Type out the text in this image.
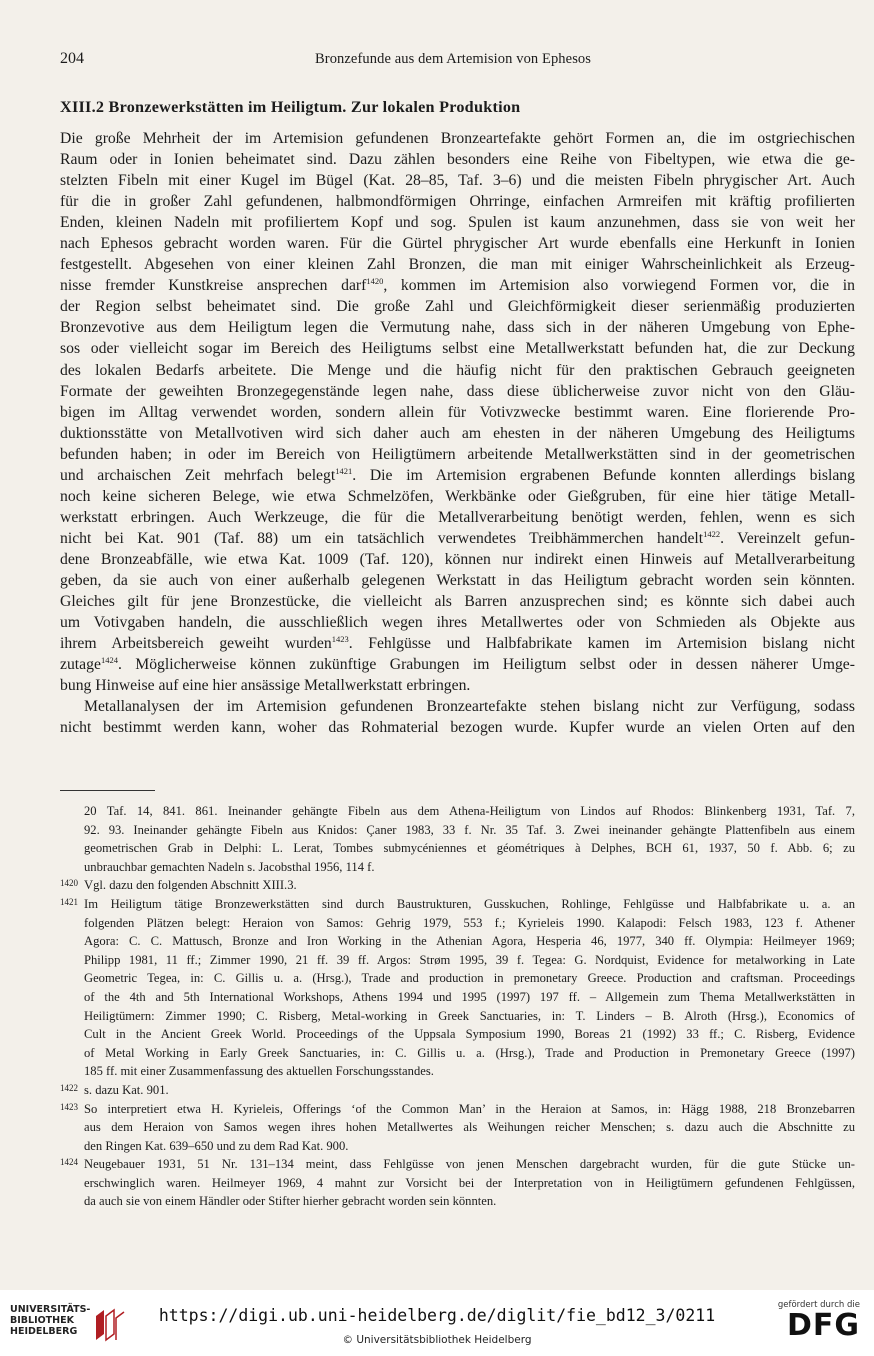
204	Bronzefunde aus dem Artemision von Ephesos
XIII.2 Bronzewerkstätten im Heiligtum. Zur lokalen Produktion
Die große Mehrheit der im Artemision gefundenen Bronzeartefakte gehört Formen an, die im ostgriechischen
Raum oder in Ionien beheimatet sind. Dazu zählen besonders eine Reihe von Fibeltypen, wie etwa die ge-
stelzten Fibeln mit einer Kugel im Bügel (Kat. 28–85, Taf. 3–6) und die meisten Fibeln phrygischer Art. Auch
für die in großer Zahl gefundenen, halbmondförmigen Ohrringe, einfachen Armreifen mit kräftig profilierten
Enden, kleinen Nadeln mit profiliertem Kopf und sog. Spulen ist kaum anzunehmen, dass sie von weit her
nach Ephesos gebracht worden waren. Für die Gürtel phrygischer Art wurde ebenfalls eine Herkunft in Ionien
festgestellt. Abgesehen von einer kleinen Zahl Bronzen, die man mit einiger Wahrscheinlichkeit als Erzeug-
nisse fremder Kunstkreise ansprechen darf$^{1420}$, kommen im Artemision also vorwiegend Formen vor, die in
der Region selbst beheimatet sind. Die große Zahl und Gleichförmigkeit dieser serienmäßig produzierten
Bronzevotive aus dem Heiligtum legen die Vermutung nahe, dass sich in der näheren Umgebung von Ephe-
sos oder vielleicht sogar im Bereich des Heiligtums selbst eine Metallwerkstatt befunden hat, die zur Deckung
des lokalen Bedarfs arbeitete. Die Menge und die häufig nicht für den praktischen Gebrauch geeigneten
Formate der geweihten Bronzegegenstände legen nahe, dass diese üblicherweise zuvor nicht von den Gläu-
bigen im Alltag verwendet worden, sondern allein für Votivzwecke bestimmt waren. Eine florierende Pro-
duktionsstätte von Metallvotiven wird sich daher auch am ehesten in der näheren Umgebung des Heiligtums
befunden haben; in oder im Bereich von Heiligtümern arbeitende Metallwerkstätten sind in der geometrischen
und archaischen Zeit mehrfach belegt$^{1421}$. Die im Artemision ergrabenen Befunde konnten allerdings bislang
noch keine sicheren Belege, wie etwa Schmelzöfen, Werkbänke oder Gießgruben, für eine hier tätige Metall-
werkstatt erbringen. Auch Werkzeuge, die für die Metallverarbeitung benötigt werden, fehlen, wenn es sich
nicht bei Kat. 901 (Taf. 88) um ein tatsächlich verwendetes Treibhämmerchen handelt$^{1422}$. Vereinzelt gefun-
dene Bronzeabfälle, wie etwa Kat. 1009 (Taf. 120), können nur indirekt einen Hinweis auf Metallverarbeitung
geben, da sie auch von einer außerhalb gelegenen Werkstatt in das Heiligtum gebracht worden sein könnten.
Gleiches gilt für jene Bronzestücke, die vielleicht als Barren anzusprechen sind; es könnte sich dabei auch
um Votivgaben handeln, die ausschließlich wegen ihres Metallwertes oder von Schmieden als Objekte aus
ihrem Arbeitsbereich geweiht wurden$^{1423}$. Fehlgüsse und Halbfabrikate kamen im Artemision bislang nicht
zutage$^{1424}$. Möglicherweise können zukünftige Grabungen im Heiligtum selbst oder in dessen näherer Umge-
bung Hinweise auf eine hier ansässige Metallwerkstatt erbringen.
Metallanalysen der im Artemision gefundenen Bronzeartefakte stehen bislang nicht zur Verfügung, sodass
nicht bestimmt werden kann, woher das Rohmaterial bezogen wurde. Kupfer wurde an vielen Orten auf den
20 Taf. 14, 841. 861. Ineinander gehängte Fibeln aus dem Athena-Heiligtum von Lindos auf Rhodos: Blinkenberg 1931, Taf. 7,
92. 93. Ineinander gehängte Fibeln aus Knidos: Çaner 1983, 33 f. Nr. 35 Taf. 3. Zwei ineinander gehängte Plattenfibeln aus einem
geometrischen Grab in Delphi: L. Lerat, Tombes submycéniennes et géométriques à Delphes, BCH 61, 1937, 50 f. Abb. 6; zu
unbrauchbar gemachten Nadeln s. Jacobsthal 1956, 114 f.
1420 Vgl. dazu den folgenden Abschnitt XIII.3.
1421 Im Heiligtum tätige Bronzewerkstätten sind durch Baustrukturen, Gusskuchen, Rohlinge, Fehlgüsse und Halbfabrikate u. a. an
folgenden Plätzen belegt: Heraion von Samos: Gehrig 1979, 553 f.; Kyrieleis 1990. Kalapodi: Felsch 1983, 123 f. Athener
Agora: C. C. Mattusch, Bronze and Iron Working in the Athenian Agora, Hesperia 46, 1977, 340 ff. Olympia: Heilmeyer 1969;
Philipp 1981, 11 ff.; Zimmer 1990, 21 ff. 39 ff. Argos: Strøm 1995, 39 f. Tegea: G. Nordquist, Evidence for metalworking in Late
Geometric Tegea, in: C. Gillis u. a. (Hrsg.), Trade and production in premonetary Greece. Production and craftsman. Proceedings
of the 4th and 5th International Workshops, Athens 1994 und 1995 (1997) 197 ff. – Allgemein zum Thema Metallwerkstätten in
Heiligtümern: Zimmer 1990; C. Risberg, Metal-working in Greek Sanctuaries, in: T. Linders – B. Alroth (Hrsg.), Economics of
Cult in the Ancient Greek World. Proceedings of the Uppsala Symposium 1990, Boreas 21 (1992) 33 ff.; C. Risberg, Evidence
of Metal Working in Early Greek Sanctuaries, in: C. Gillis u. a. (Hrsg.), Trade and Production in Premonetary Greece (1997)
185 ff. mit einer Zusammenfassung des aktuellen Forschungsstandes.
1422 s. dazu Kat. 901.
1423 So interpretiert etwa H. Kyrieleis, Offerings ‘of the Common Man’ in the Heraion at Samos, in: Hägg 1988, 218 Bronzebarren
aus dem Heraion von Samos wegen ihres hohen Metallwertes als Weihungen reicher Menschen; s. dazu auch die Abschnitte zu
den Ringen Kat. 639–650 und zu dem Rad Kat. 900.
1424 Neugebauer 1931, 51 Nr. 131–134 meint, dass Fehlgüsse von jenen Menschen dargebracht wurden, für die gute Stücke un-
erschwinglich waren. Heilmeyer 1969, 4 mahnt zur Vorsicht bei der Interpretation von in Heiligtümern gefundenen Fehlgüssen,
da auch sie von einem Händler oder Stifter hierher gebracht worden sein könnten.
UNIVERSITÄTS-
BIBLIOTHEK
HEIDELBERG
https://digi.ub.uni-heidelberg.de/diglit/fie_bd12_3/0211
© Universitätsbibliothek Heidelberg
gefördert durch die
DFG
